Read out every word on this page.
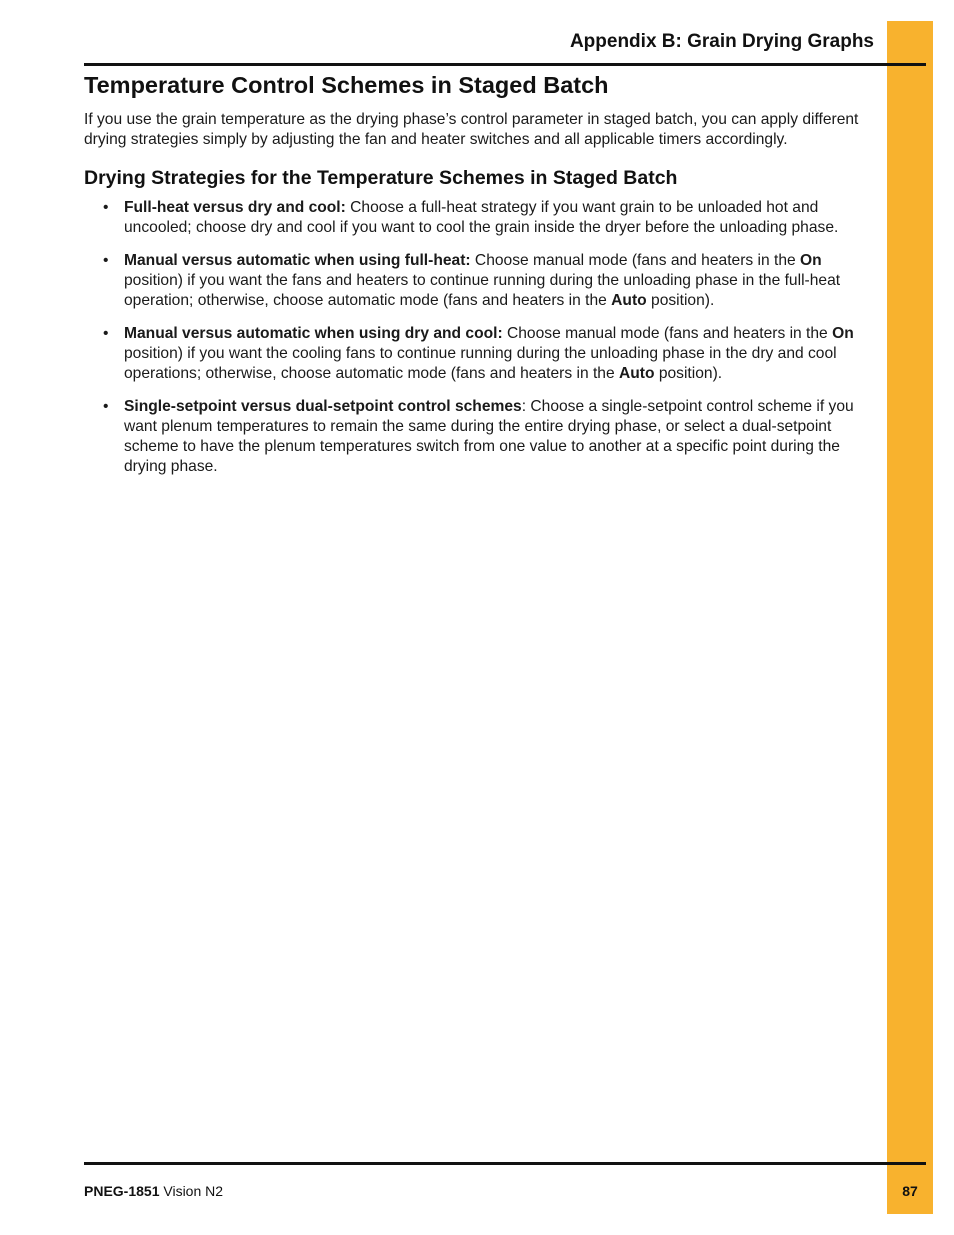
Appendix B: Grain Drying Graphs
Temperature Control Schemes in Staged Batch

If you use the grain temperature as the drying phase’s control parameter in staged batch, you can apply different drying strategies simply by adjusting the fan and heater switches and all applicable timers accordingly.

Drying Strategies for the Temperature Schemes in Staged Batch
• Full-heat versus dry and cool: Choose a full-heat strategy if you want grain to be unloaded hot and uncooled; choose dry and cool if you want to cool the grain inside the dryer before the unloading phase.
• Manual versus automatic when using full-heat: Choose manual mode (fans and heaters in the On position) if you want the fans and heaters to continue running during the unloading phase in the full-heat operation; otherwise, choose automatic mode (fans and heaters in the Auto position).
• Manual versus automatic when using dry and cool: Choose manual mode (fans and heaters in the On position) if you want the cooling fans to continue running during the unloading phase in the dry and cool operations; otherwise, choose automatic mode (fans and heaters in the Auto position).
• Single-setpoint versus dual-setpoint control schemes: Choose a single-setpoint control scheme if you want plenum temperatures to remain the same during the entire drying phase, or select a dual-setpoint scheme to have the plenum temperatures switch from one value to another at a specific point during the drying phase.
PNEG-1851 Vision N2	87
